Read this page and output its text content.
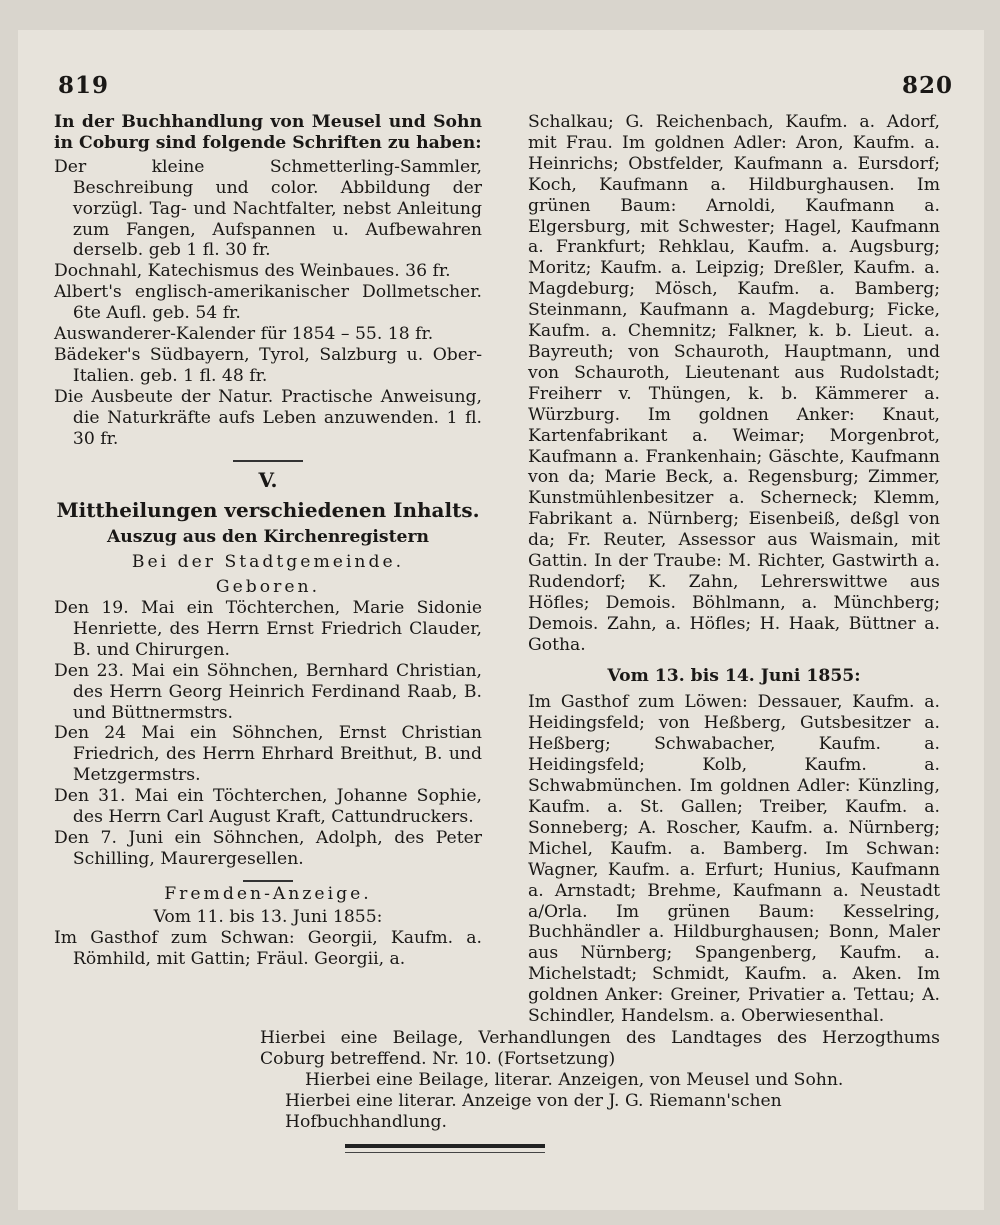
819	820
In der Buchhandlung von Meusel und Sohn in Coburg sind folgende Schriften zu haben:
Der kleine Schmetterling-Sammler, Beschreibung und color. Abbildung der vorzügl. Tag- und Nachtfalter, nebst Anleitung zum Fangen, Aufspannen u. Aufbewahren derselb. geb 1 fl. 30 fr.
Dochnahl, Katechismus des Weinbaues. 36 fr.
Albert's englisch-amerikanischer Dollmetscher. 6te Aufl. geb. 54 fr.
Auswanderer-Kalender für 1854 – 55. 18 fr.
Bädeker's Südbayern, Tyrol, Salzburg u. Ober-Italien. geb. 1 fl. 48 fr.
Die Ausbeute der Natur. Practische Anweisung, die Naturkräfte aufs Leben anzuwenden. 1 fl. 30 fr.
V.
Mittheilungen verschiedenen Inhalts.
Auszug aus den Kirchenregistern
Bei der Stadtgemeinde.
Geboren.
Den 19. Mai ein Töchterchen, Marie Sidonie Henriette, des Herrn Ernst Friedrich Clauder, B. und Chirurgen.
Den 23. Mai ein Söhnchen, Bernhard Christian, des Herrn Georg Heinrich Ferdinand Raab, B. und Büttnermstrs.
Den 24 Mai ein Söhnchen, Ernst Christian Friedrich, des Herrn Ehrhard Breithut, B. und Metzgermstrs.
Den 31. Mai ein Töchterchen, Johanne Sophie, des Herrn Carl August Kraft, Cattundruckers.
Den 7. Juni ein Söhnchen, Adolph, des Peter Schilling, Maurergesellen.
Fremden-Anzeige.
Vom 11. bis 13. Juni 1855:
Im Gasthof zum Schwan: Georgii, Kaufm. a. Römhild, mit Gattin; Fräul. Georgii, a.
Schalkau; G. Reichenbach, Kaufm. a. Adorf, mit Frau. Im goldnen Adler: Aron, Kaufm. a. Heinrichs; Obstfelder, Kaufmann a. Eursdorf; Koch, Kaufmann a. Hildburghausen. Im grünen Baum: Arnoldi, Kaufmann a. Elgersburg, mit Schwester; Hagel, Kaufmann a. Frankfurt; Rehklau, Kaufm. a. Augsburg; Moritz; Kaufm. a. Leipzig; Dreßler, Kaufm. a. Magdeburg; Mösch, Kaufm. a. Bamberg; Steinmann, Kaufmann a. Magdeburg; Ficke, Kaufm. a. Chemnitz; Falkner, k. b. Lieut. a. Bayreuth; von Schauroth, Hauptmann, und von Schauroth, Lieutenant aus Rudolstadt; Freiherr v. Thüngen, k. b. Kämmerer a. Würzburg. Im goldnen Anker: Knaut, Kartenfabrikant a. Weimar; Morgenbrot, Kaufmann a. Frankenhain; Gäschte, Kaufmann von da; Marie Beck, a. Regensburg; Zimmer, Kunstmühlenbesitzer a. Scherneck; Klemm, Fabrikant a. Nürnberg; Eisenbeiß, deßgl von da; Fr. Reuter, Assessor aus Waismain, mit Gattin. In der Traube: M. Richter, Gastwirth a. Rudendorf; K. Zahn, Lehrerswittwe aus Höfles; Demois. Böhlmann, a. Münchberg; Demois. Zahn, a. Höfles; H. Haak, Büttner a. Gotha.
Vom 13. bis 14. Juni 1855:
Im Gasthof zum Löwen: Dessauer, Kaufm. a. Heidingsfeld; von Heßberg, Gutsbesitzer a. Heßberg; Schwabacher, Kaufm. a. Heidingsfeld; Kolb, Kaufm. a. Schwabmünchen. Im goldnen Adler: Künzling, Kaufm. a. St. Gallen; Treiber, Kaufm. a. Sonneberg; A. Roscher, Kaufm. a. Nürnberg; Michel, Kaufm. a. Bamberg. Im Schwan: Wagner, Kaufm. a. Erfurt; Hunius, Kaufmann a. Arnstadt; Brehme, Kaufmann a. Neustadt a/Orla. Im grünen Baum: Kesselring, Buchhändler a. Hildburghausen; Bonn, Maler aus Nürnberg; Spangenberg, Kaufm. a. Michelstadt; Schmidt, Kaufm. a. Aken. Im goldnen Anker: Greiner, Privatier a. Tettau; A. Schindler, Handelsm. a. Oberwiesenthal.

Hierbei eine Beilage, Verhandlungen des Landtages des Herzogthums Coburg betreffend. Nr. 10. (Fortsetzung)

Hierbei eine Beilage, literar. Anzeigen, von Meusel und Sohn.

Hierbei eine literar. Anzeige von der J. G. Riemann'schen Hofbuchhandlung.
